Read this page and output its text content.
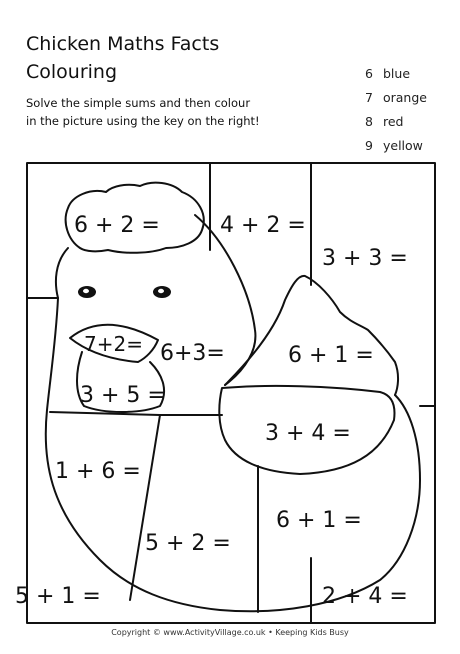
Chicken Maths Facts
Colouring

Solve the simple sums and then colour
in the picture using the key on the right!

6 blue
7 orange
8 red
9 yellow
6 + 2 =	4 + 2 =
3 + 3 =
7+2=
3 + 5 =
6+3=	6 + 1 =
3 + 4 =
1 + 6 =
5 + 2 =
6 + 1 =
5 + 1 =	2 + 4 =

Copyright © www.ActivityVillage.co.uk • Keeping Kids Busy
